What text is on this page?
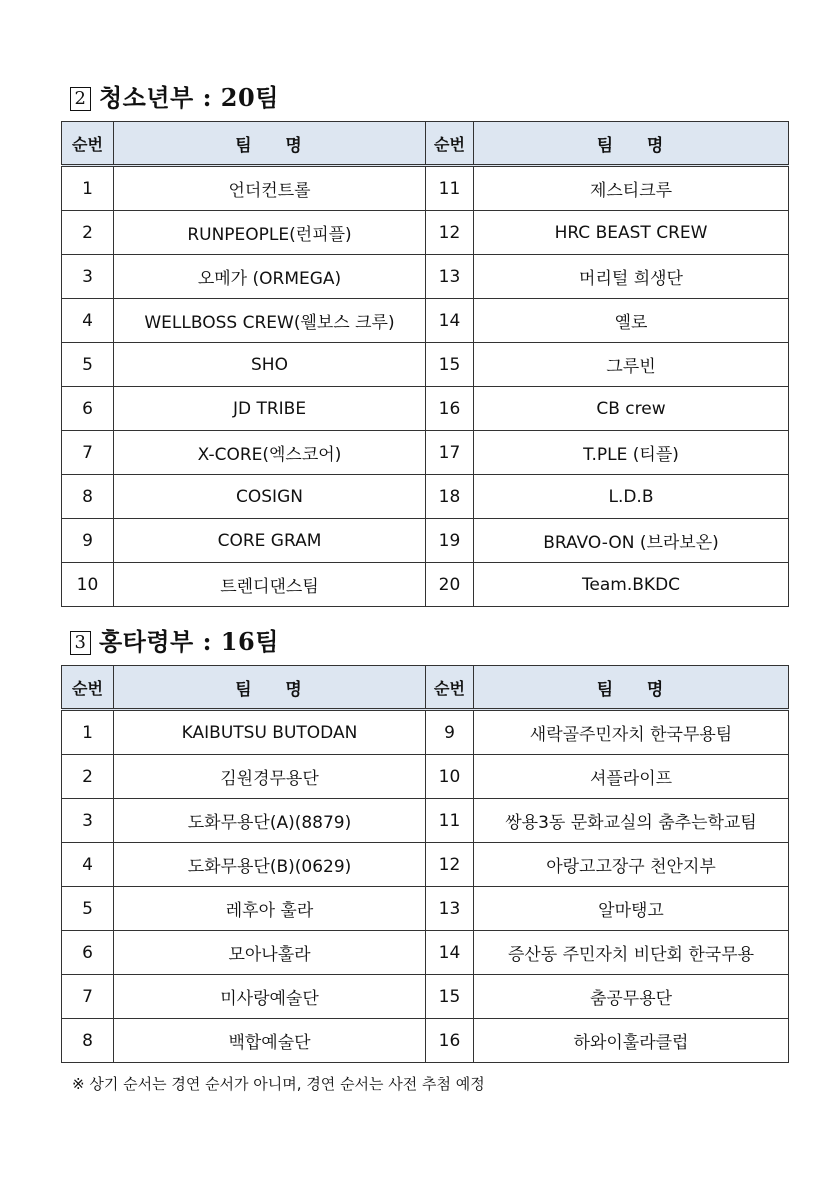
2 청소년부 : 20팀
순번	팀    명	순번	팀    명
1	언더컨트롤	11	제스티크루
2	RUNPEOPLE(런피플)	12	HRC BEAST CREW
3	오메가 (ORMEGA)	13	머리털 희생단
4	WELLBOSS CREW(웰보스 크루)	14	옐로
5	SHO	15	그루빈
6	JD TRIBE	16	CB crew
7	X-CORE(엑스코어)	17	T.PLE (티플)
8	COSIGN	18	L.D.B
9	CORE GRAM	19	BRAVO-ON (브라보온)
10	트렌디댄스팀	20	Team.BKDC
3 홍타령부 : 16팀
순번	팀    명	순번	팀    명
1	KAIBUTSU BUTODAN	9	새락골주민자치 한국무용팀
2	김원경무용단	10	셔플라이프
3	도화무용단(A)(8879)	11	쌍용3동 문화교실의 춤추는학교팀
4	도화무용단(B)(0629)	12	아랑고고장구 천안지부
5	레후아 훌라	13	알마탱고
6	모아나훌라	14	증산동 주민자치 비단회 한국무용
7	미사랑예술단	15	춤공무용단
8	백합예술단	16	하와이훌라클럽
※ 상기 순서는 경연 순서가 아니며, 경연 순서는 사전 추첨 예정
